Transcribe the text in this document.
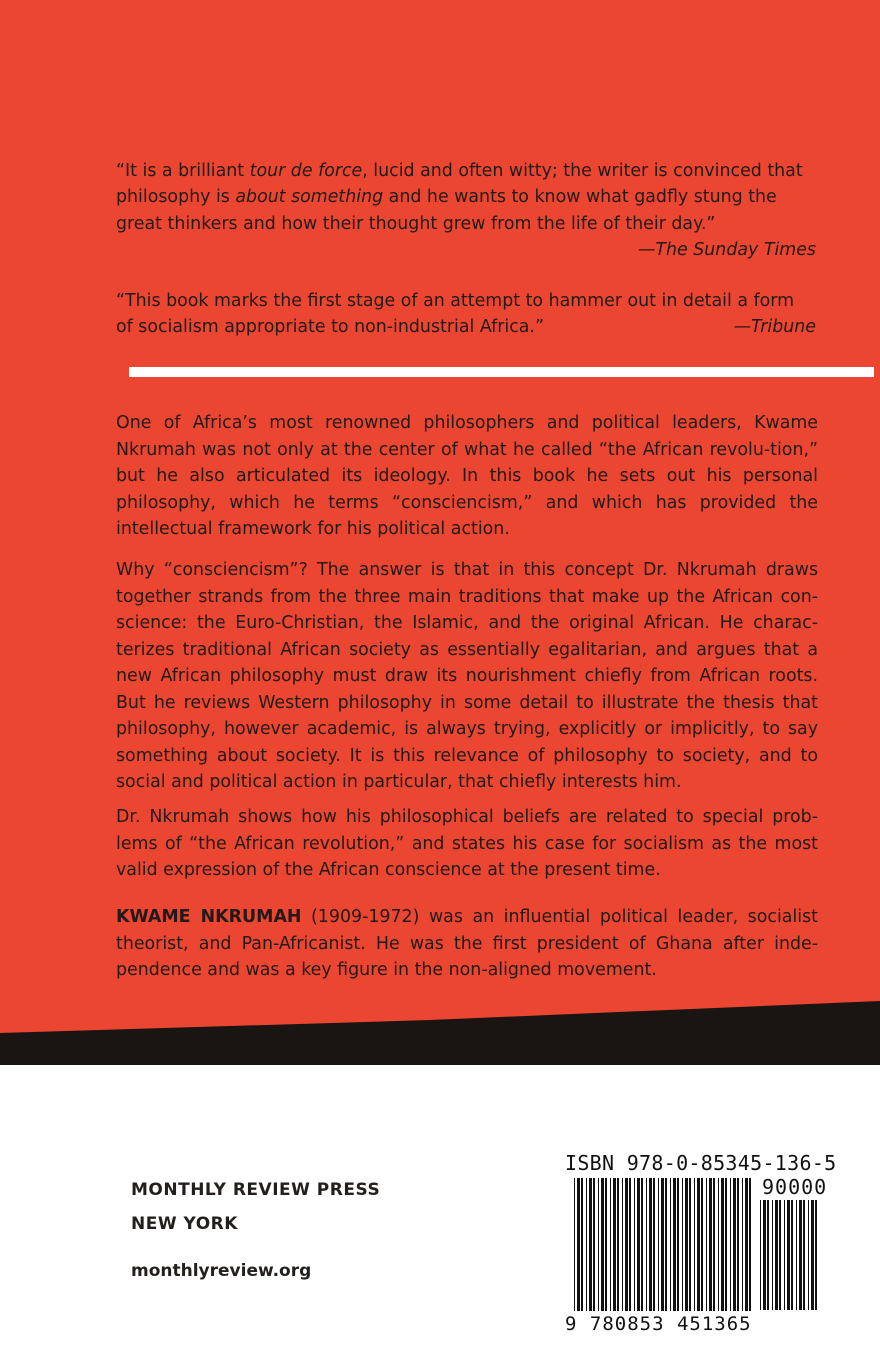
“It is a brilliant tour de force, lucid and often witty; the writer is convinced that philosophy is about something and he wants to know what gadfly stung the great thinkers and how their thought grew from the life of their day.”
—The Sunday Times
“This book marks the first stage of an attempt to hammer out in detail a form of socialism appropriate to non-industrial Africa.”	—Tribune
One of Africa’s most renowned philosophers and political leaders, Kwame Nkrumah was not only at the center of what he called “the African revolu-tion,” but he also articulated its ideology. In this book he sets out his personal philosophy, which he terms “consciencism,” and which has provided the intellectual framework for his political action.
Why “consciencism”? The answer is that in this concept Dr. Nkrumah draws together strands from the three main traditions that make up the African con-science: the Euro-Christian, the Islamic, and the original African. He charac-terizes traditional African society as essentially egalitarian, and argues that a new African philosophy must draw its nourishment chiefly from African roots. But he reviews Western philosophy in some detail to illustrate the thesis that philosophy, however academic, is always trying, explicitly or implicitly, to say something about society. It is this relevance of philosophy to society, and to social and political action in particular, that chiefly interests him.
Dr. Nkrumah shows how his philosophical beliefs are related to special prob-lems of “the African revolution,” and states his case for socialism as the most valid expression of the African conscience at the present time.
KWAME NKRUMAH (1909-1972) was an influential political leader, socialist theorist, and Pan-Africanist. He was the first president of Ghana after inde-pendence and was a key figure in the non-aligned movement.
MONTHLY REVIEW PRESS
NEW YORK
monthlyreview.org
ISBN 978-0-85345-136-5
90000
9 780853 451365
